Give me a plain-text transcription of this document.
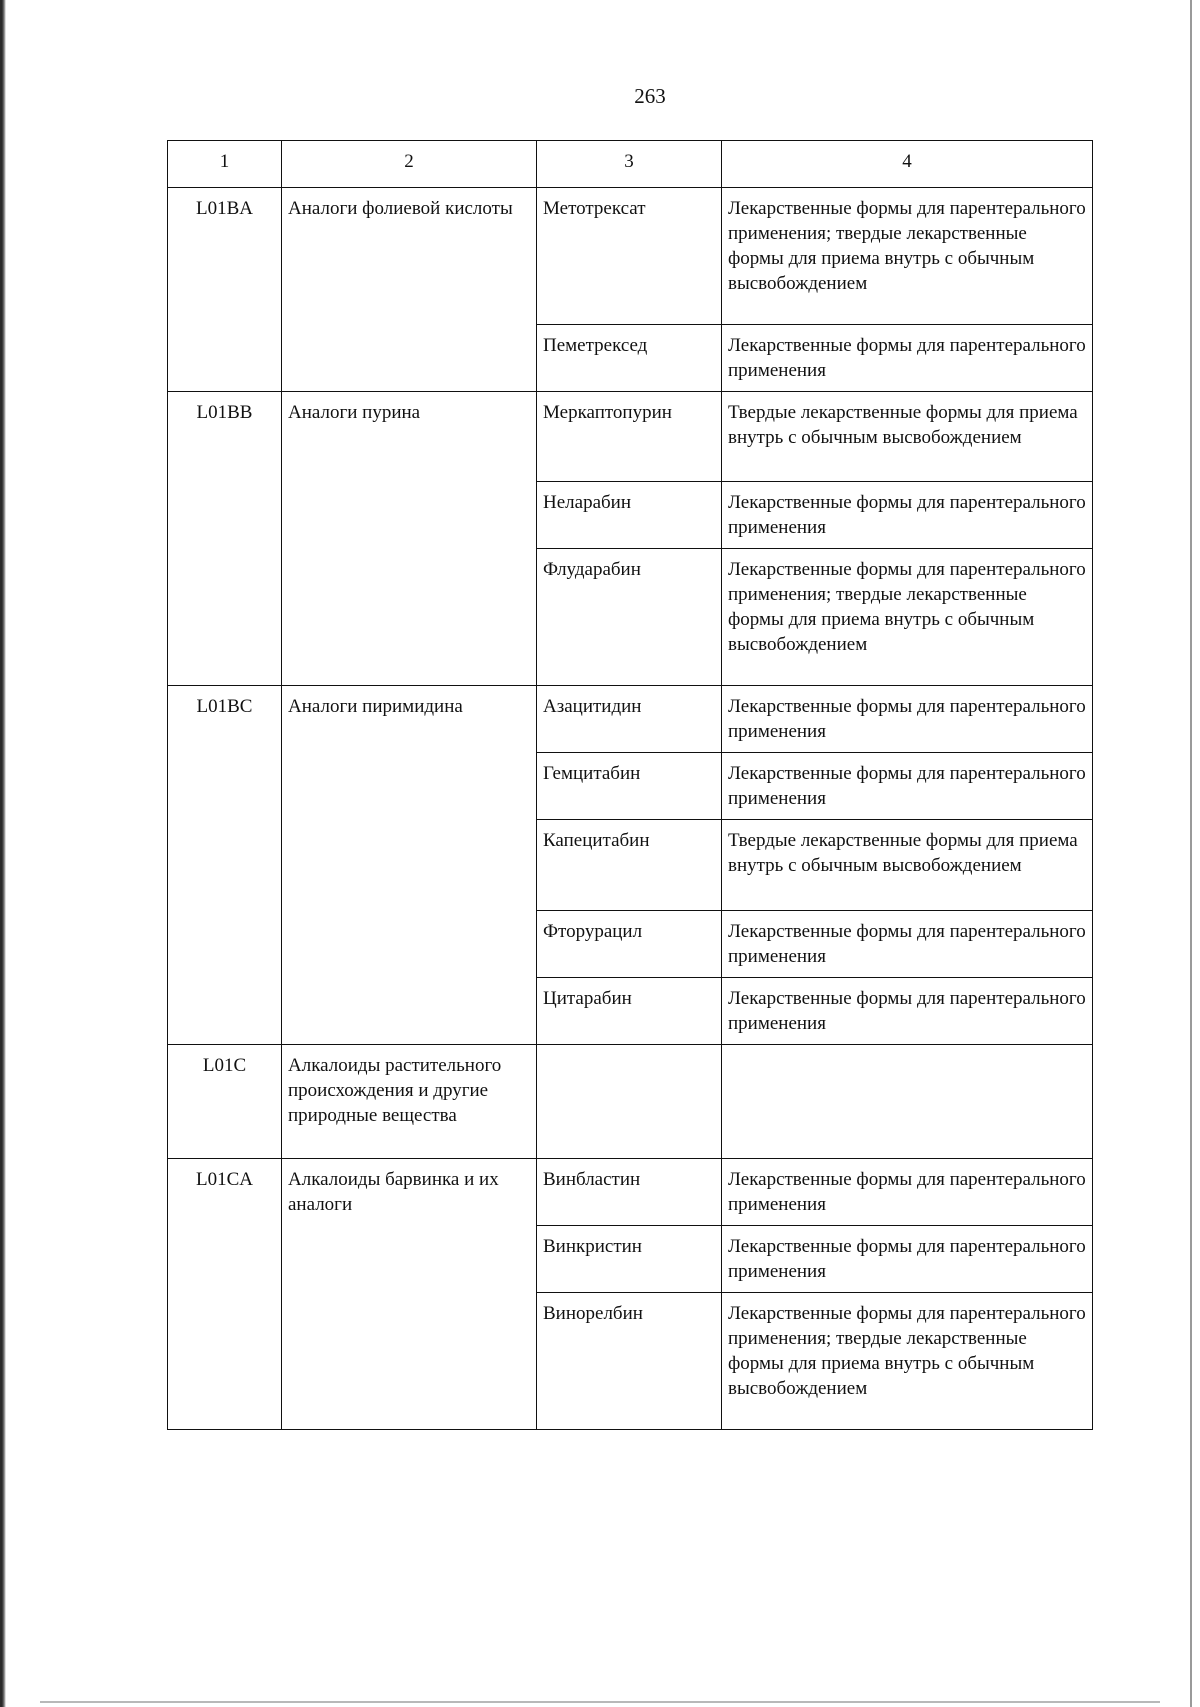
263
1	2	3	4
L01BA	Аналоги фолиевой кислоты	Метотрексат	Лекарственные формы для парентерального применения; твердые лекарственные формы для приема внутрь с обычным высвобождением
		Пеметрексед	Лекарственные формы для парентерального применения
L01BB	Аналоги пурина	Меркаптопурин	Твердые лекарственные формы для приема внутрь с обычным высвобождением
		Неларабин	Лекарственные формы для парентерального применения
		Флударабин	Лекарственные формы для парентерального применения; твердые лекарственные формы для приема внутрь с обычным высвобождением
L01BC	Аналоги пиримидина	Азацитидин	Лекарственные формы для парентерального применения
		Гемцитабин	Лекарственные формы для парентерального применения
		Капецитабин	Твердые лекарственные формы для приема внутрь с обычным высвобождением
		Фторурацил	Лекарственные формы для парентерального применения
		Цитарабин	Лекарственные формы для парентерального применения
L01C	Алкалоиды растительного происхождения и другие природные вещества		
L01CA	Алкалоиды барвинка и их аналоги	Винбластин	Лекарственные формы для парентерального применения
		Винкристин	Лекарственные формы для парентерального применения
		Винорелбин	Лекарственные формы для парентерального применения; твердые лекарственные формы для приема внутрь с обычным высвобождением
